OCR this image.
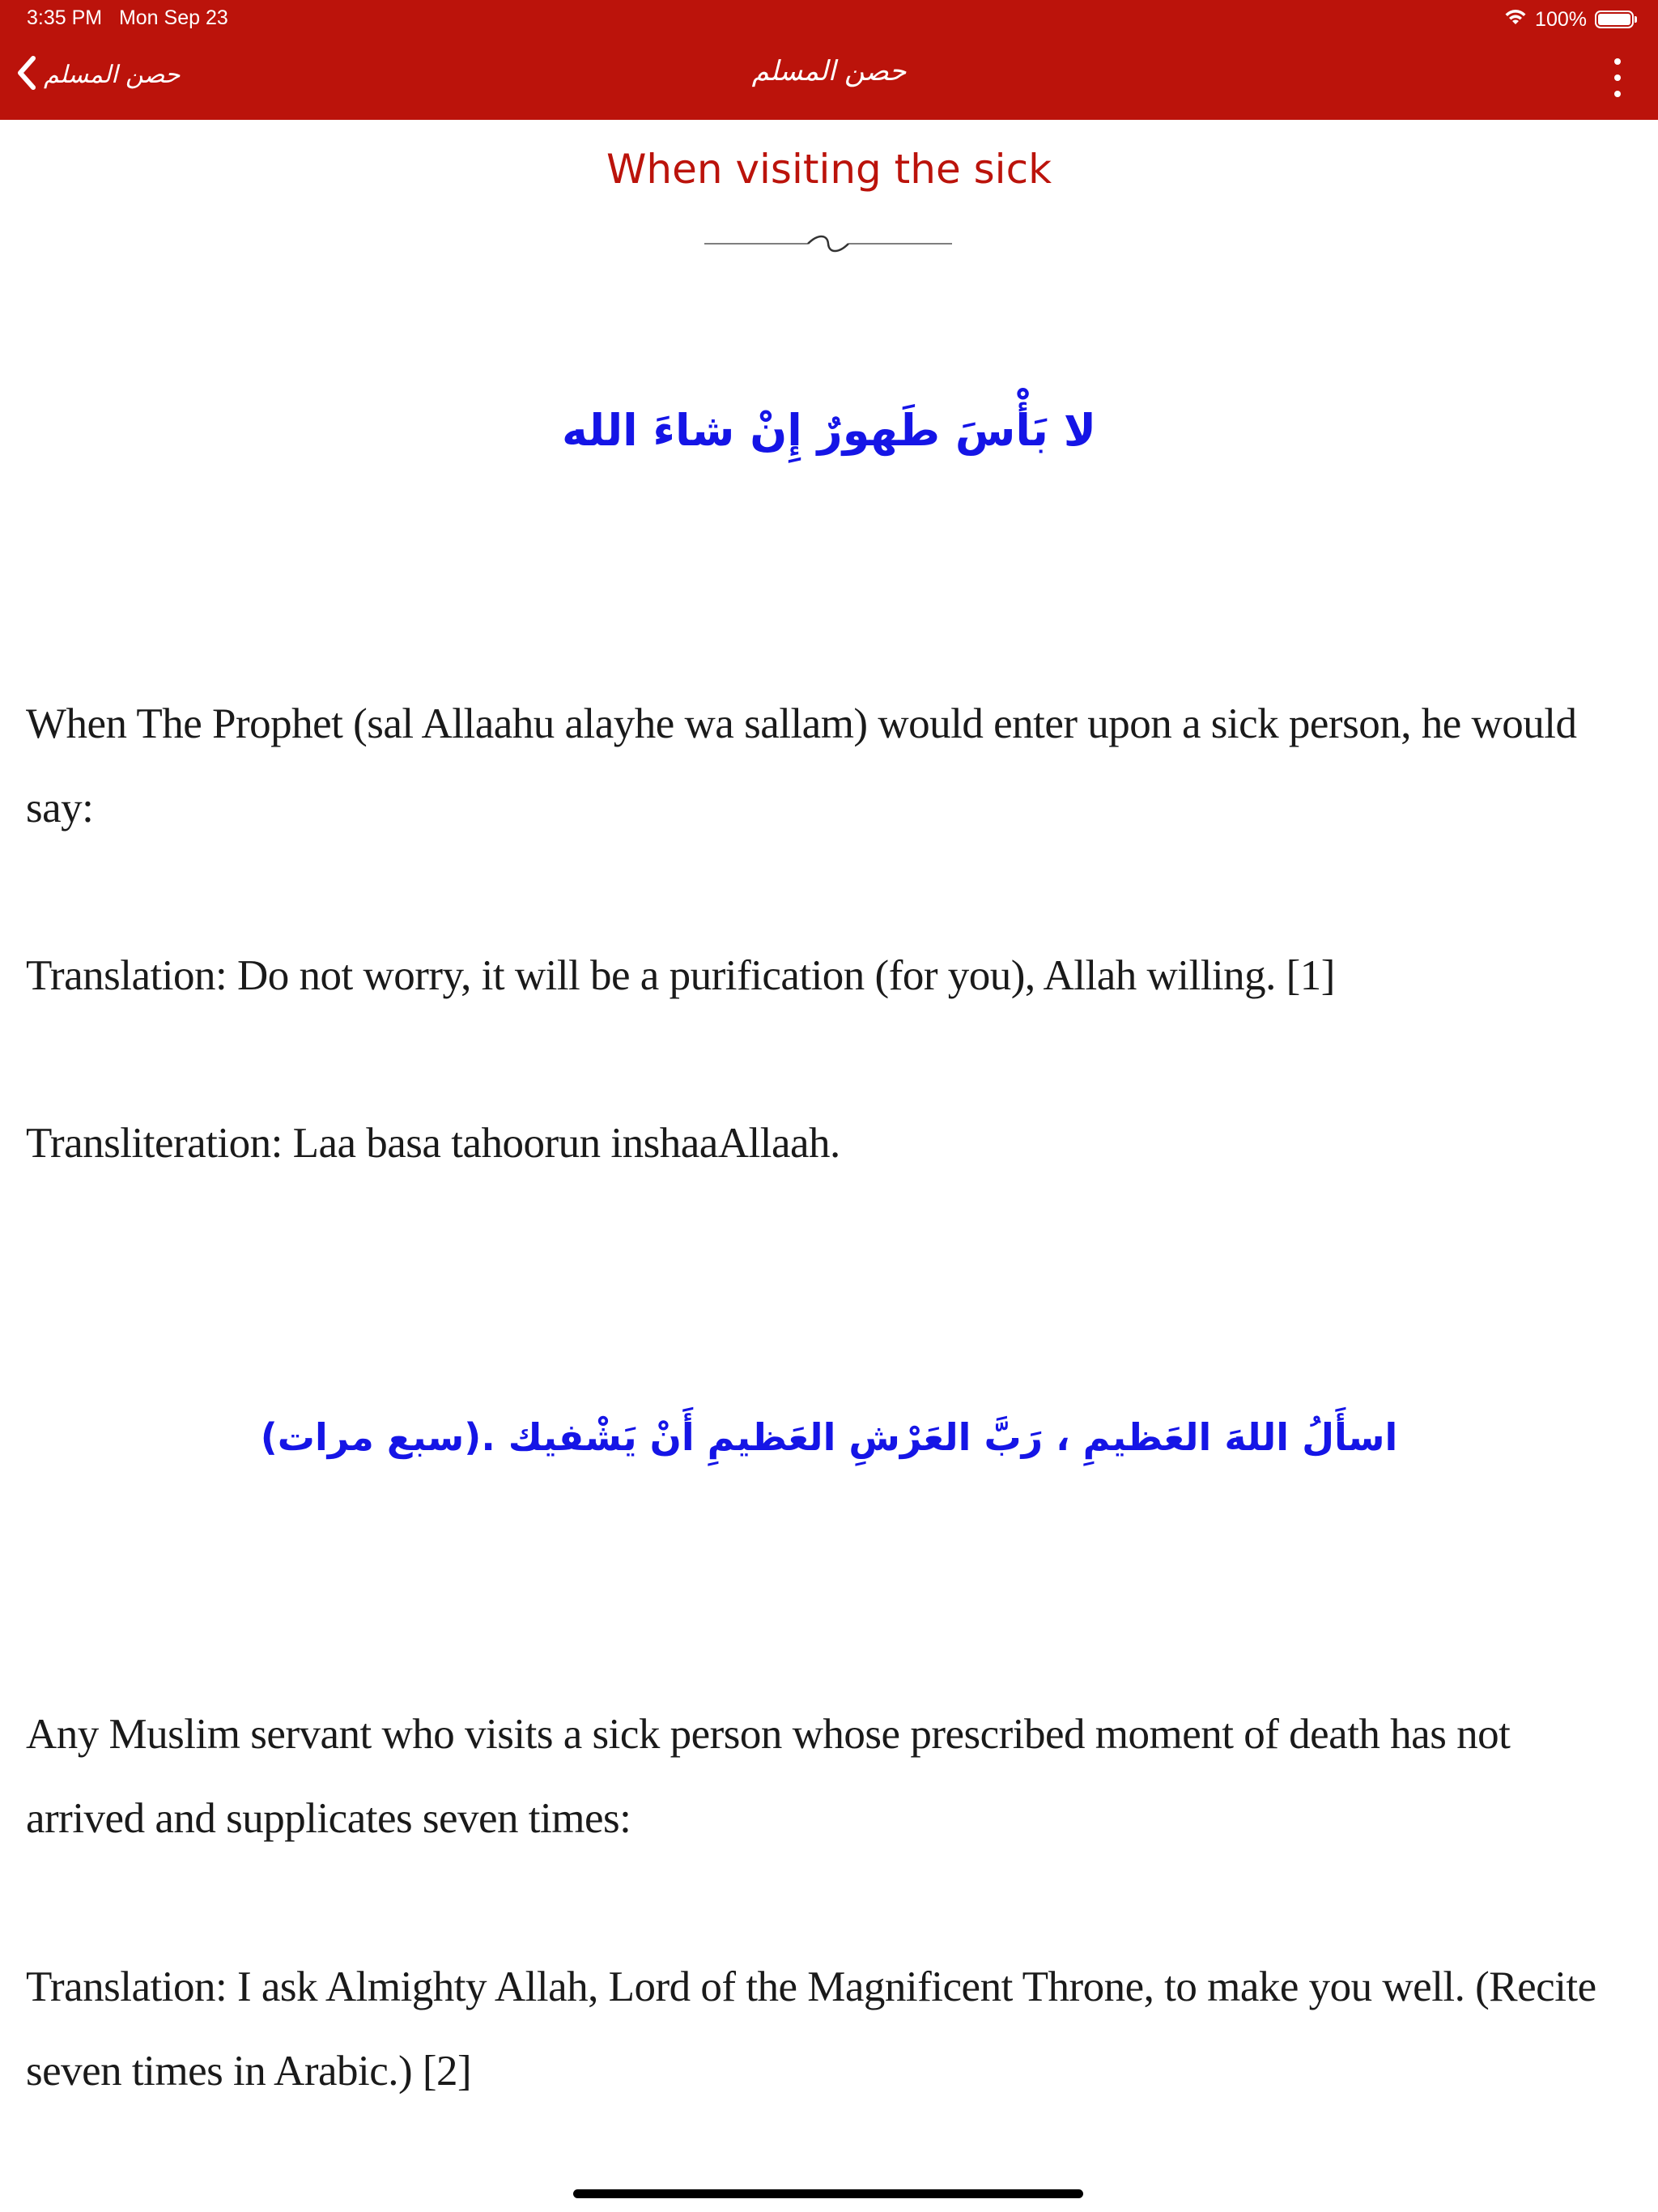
3:35 PM Mon Sep 23	100%
حصن المسلم	حصن المسلم
When visiting the sick
لا بَأْسَ طَهورٌ إِنْ شاءَ الله

When The Prophet (sal Allaahu alayhe wa sallam) would enter upon a sick person, he would say:

Translation: Do not worry, it will be a purification (for you), Allah willing. [1]

Transliteration: Laa basa tahoorun inshaaAllaah.

اسأَلُ اللهَ العَظيمِ ، رَبَّ العَرْشِ العَظيمِ أَنْ يَشْفيك .(سبع مرات)

Any Muslim servant who visits a sick person whose prescribed moment of death has not arrived and supplicates seven times:

Translation: I ask Almighty Allah, Lord of the Magnificent Throne, to make you well. (Recite seven times in Arabic.) [2]
